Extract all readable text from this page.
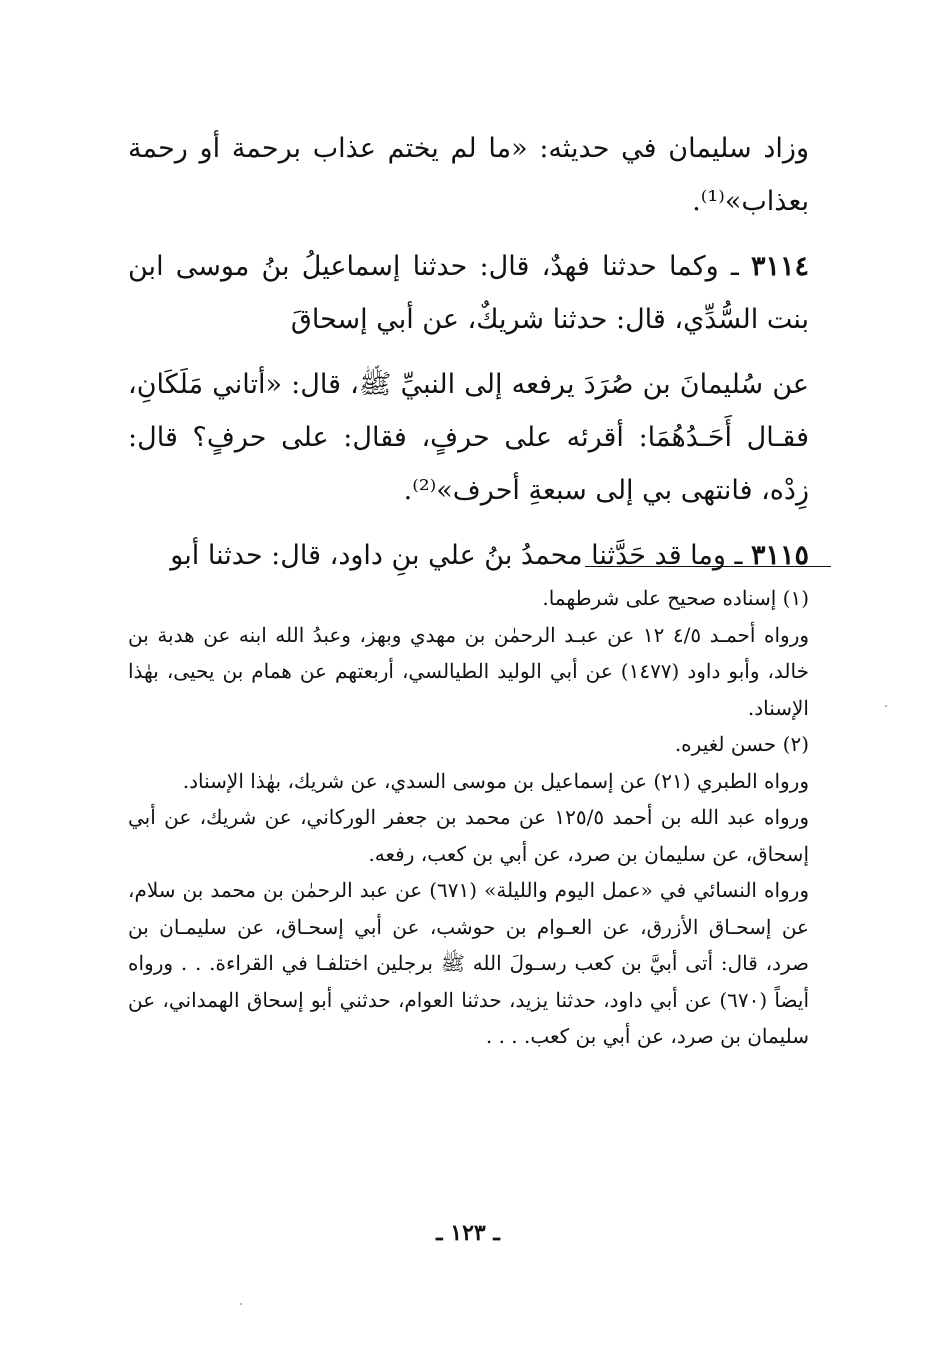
وزاد سليمان في حديثه: «ما لم يختم عذاب برحمة أو رحمة بعذاب»⁽¹⁾.

٣١١٤ ـ وكما حدثنا فهدٌ، قال: حدثنا إسماعيلُ بنُ موسى ابن بنت السُّدِّي، قال: حدثنا شريكٌ، عن أبي إسحاقَ

عن سُليمانَ بن صُرَدَ يرفعه إلى النبيِّ ﷺ، قال: «أتاني مَلَكَانِ، فقـال أَحَـدُهُمَا: أقرئه على حرفٍ، فقال: على حرفٍ؟ قال: زِدْه، فانتهى بي إلى سبعةِ أحرف»⁽²⁾.

٣١١٥ ـ وما قد حَدَّثنا محمدُ بنُ علي بنِ داود، قال: حدثنا أبو

(١) إسناده صحيح على شرطهما.

ورواه أحمـد ٤/٥ ١٢ عن عبـد الرحمٰن بن مهدي وبهز، وعبدُ الله ابنه عن هدبة بن خالد، وأبو داود (١٤٧٧) عن أبي الوليد الطيالسي، أربعتهم عن همام بن يحيى، بهٰذا الإسناد.

(٢) حسن لغيره.

ورواه الطبري (٢١) عن إسماعيل بن موسى السدي، عن شريك، بهٰذا الإسناد.

ورواه عبد الله بن أحمد ١٢٥/٥ عن محمد بن جعفر الوركاني، عن شريك، عن أبي إسحاق، عن سليمان بن صرد، عن أبي بن كعب، رفعه.

ورواه النسائي في «عمل اليوم والليلة» (٦٧١) عن عبد الرحمٰن بن محمد بن سلام، عن إسحـاق الأزرق، عن العـوام بن حوشب، عن أبي إسحـاق، عن سليمـان بن صرد، قال: أتى أبيَّ بن كعب رسـولَ الله ﷺ برجلين اختلفـا في القراءة. . . ورواه أيضاً (٦٧٠) عن أبي داود، حدثنا يزيد، حدثنا العوام، حدثني أبو إسحاق الهمداني، عن سليمان بن صرد، عن أبي بن كعب. . . .

ـ ١٢٣ ـ
